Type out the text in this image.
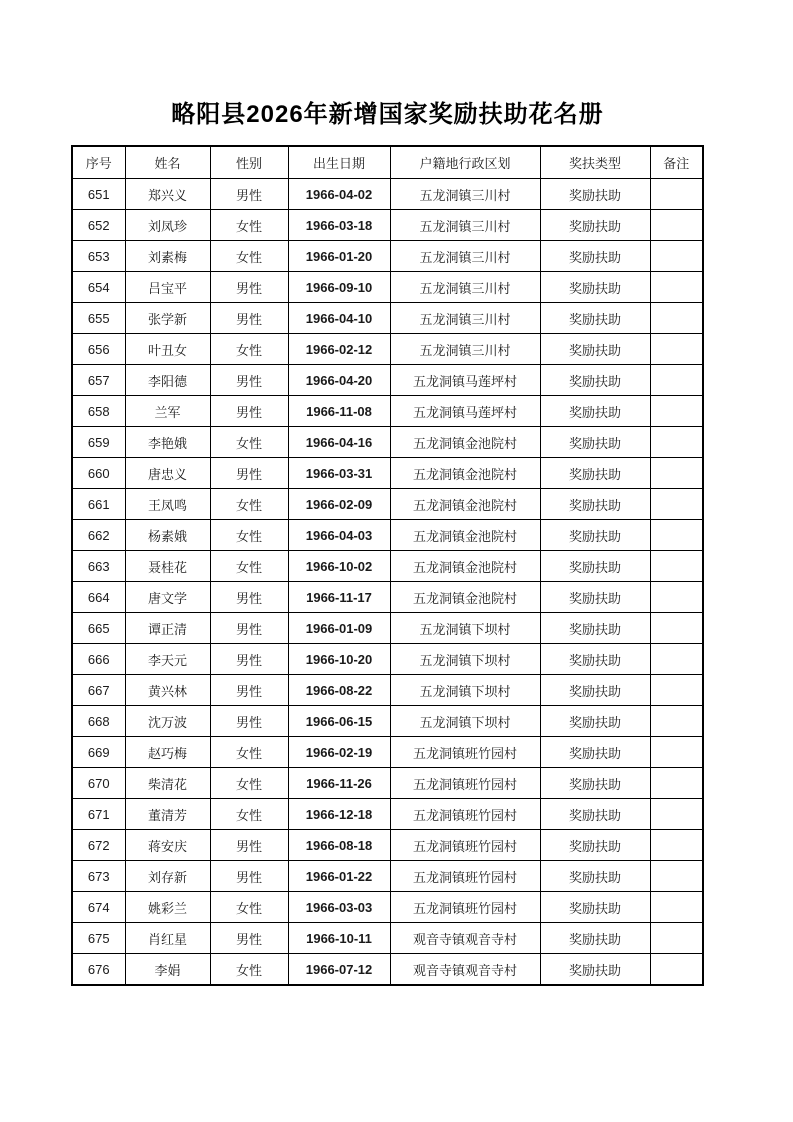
略阳县2026年新增国家奖励扶助花名册
序号	姓名	性别	出生日期	户籍地行政区划	奖扶类型	备注
651	郑兴义	男性	1966-04-02	五龙洞镇三川村	奖励扶助	
652	刘凤珍	女性	1966-03-18	五龙洞镇三川村	奖励扶助	
653	刘素梅	女性	1966-01-20	五龙洞镇三川村	奖励扶助	
654	吕宝平	男性	1966-09-10	五龙洞镇三川村	奖励扶助	
655	张学新	男性	1966-04-10	五龙洞镇三川村	奖励扶助	
656	叶丑女	女性	1966-02-12	五龙洞镇三川村	奖励扶助	
657	李阳德	男性	1966-04-20	五龙洞镇马莲坪村	奖励扶助	
658	兰军	男性	1966-11-08	五龙洞镇马莲坪村	奖励扶助	
659	李艳娥	女性	1966-04-16	五龙洞镇金池院村	奖励扶助	
660	唐忠义	男性	1966-03-31	五龙洞镇金池院村	奖励扶助	
661	王凤鸣	女性	1966-02-09	五龙洞镇金池院村	奖励扶助	
662	杨素娥	女性	1966-04-03	五龙洞镇金池院村	奖励扶助	
663	聂桂花	女性	1966-10-02	五龙洞镇金池院村	奖励扶助	
664	唐文学	男性	1966-11-17	五龙洞镇金池院村	奖励扶助	
665	谭正清	男性	1966-01-09	五龙洞镇下坝村	奖励扶助	
666	李天元	男性	1966-10-20	五龙洞镇下坝村	奖励扶助	
667	黄兴林	男性	1966-08-22	五龙洞镇下坝村	奖励扶助	
668	沈万波	男性	1966-06-15	五龙洞镇下坝村	奖励扶助	
669	赵巧梅	女性	1966-02-19	五龙洞镇班竹园村	奖励扶助	
670	柴清花	女性	1966-11-26	五龙洞镇班竹园村	奖励扶助	
671	董清芳	女性	1966-12-18	五龙洞镇班竹园村	奖励扶助	
672	蒋安庆	男性	1966-08-18	五龙洞镇班竹园村	奖励扶助	
673	刘存新	男性	1966-01-22	五龙洞镇班竹园村	奖励扶助	
674	姚彩兰	女性	1966-03-03	五龙洞镇班竹园村	奖励扶助	
675	肖红星	男性	1966-10-11	观音寺镇观音寺村	奖励扶助	
676	李娟	女性	1966-07-12	观音寺镇观音寺村	奖励扶助	
